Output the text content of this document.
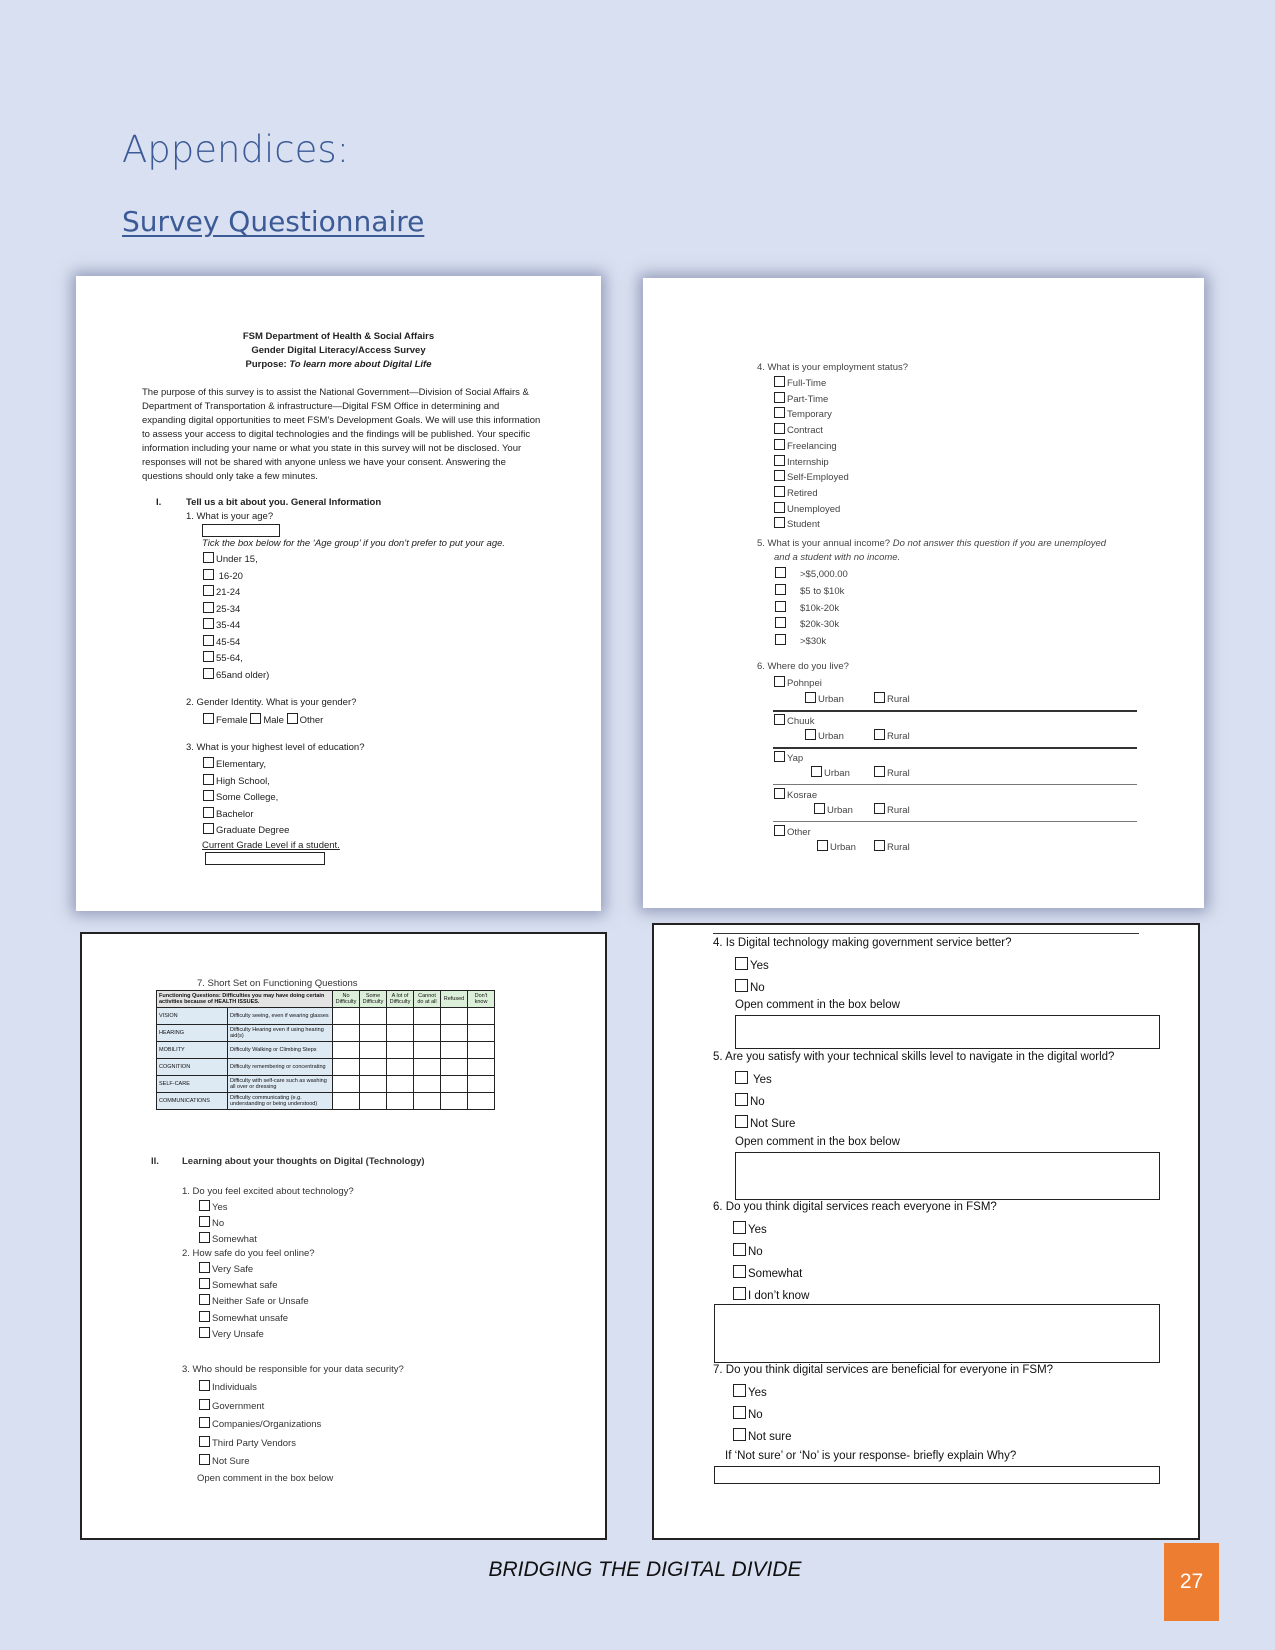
Appendices:
Survey Questionnaire
FSM Department of Health & Social Affairs
Gender Digital Literacy/Access Survey
Purpose: To learn more about Digital Life
The purpose of this survey is to assist the National Government—Division of Social Affairs &
Department of Transportation & infrastructure—Digital FSM Office in determining and
expanding digital opportunities to meet FSM’s Development Goals. We will use this information
to assess your access to digital technologies and the findings will be published. Your specific
information including your name or what you state in this survey will not be disclosed. Your
responses will not be shared with anyone unless we have your consent. Answering the
questions should only take a few minutes.
I.	Tell us a bit about you. General Information
1. What is your age?
Tick the box below for the ‘Age group’ if you don’t prefer to put your age.
Under 15,
16-20
21-24
25-34
35-44
45-54
55-64,
65and older)
2. Gender Identity. What is your gender?
Female Male Other
3. What is your highest level of education?
Elementary,
High School,
Some College,
Bachelor
Graduate Degree
Current Grade Level if a student.
4. What is your employment status?
Full-Time
Part-Time
Temporary
Contract
Freelancing
Internship
Self-Employed
Retired
Unemployed
Student
5. What is your annual income? Do not answer this question if you are unemployed
and a student with no income.
>$5,000.00
$5 to $10k
$10k-20k
$20k-30k
>$30k
6. Where do you live?
Pohnpei
Urban	Rural
Chuuk
Urban	Rural
Yap
Urban	Rural
Kosrae
Urban	Rural
Other
Urban	Rural
7. Short Set on Functioning Questions
Functioning Questions: Difficulties you may have doing certain activities because of HEALTH ISSUES.		No Difficulty	Some Difficulty	A lot of Difficulty	Cannot do at all	Refused	Don't know
VISION	Difficulty seeing, even if wearing glasses						
HEARING	Difficulty Hearing even if using hearing aid(s)						
MOBILITY	Difficulty Walking or Climbing Steps						
COGNITION	Difficulty remembering or concentrating						
SELF-CARE	Difficulty with self-care such as washing all over or dressing						
COMMUNICATIONS	Difficulty communicating (e.g. understanding or being understood)						
II. Learning about your thoughts on Digital (Technology)
1. Do you feel excited about technology?
Yes
No
Somewhat
2. How safe do you feel online?
Very Safe
Somewhat safe
Neither Safe or Unsafe
Somewhat unsafe
Very Unsafe
3. Who should be responsible for your data security?
Individuals
Government
Companies/Organizations
Third Party Vendors
Not Sure
Open comment in the box below
4. Is Digital technology making government service better?
Yes
No
Open comment in the box below
5. Are you satisfy with your technical skills level to navigate in the digital world?
Yes
No
Not Sure
Open comment in the box below
6. Do you think digital services reach everyone in FSM?
Yes
No
Somewhat
I don’t know
7. Do you think digital services are beneficial for everyone in FSM?
Yes
No
Not sure
If ‘Not sure’ or ‘No’ is your response- briefly explain Why?
BRIDGING THE DIGITAL DIVIDE
27
